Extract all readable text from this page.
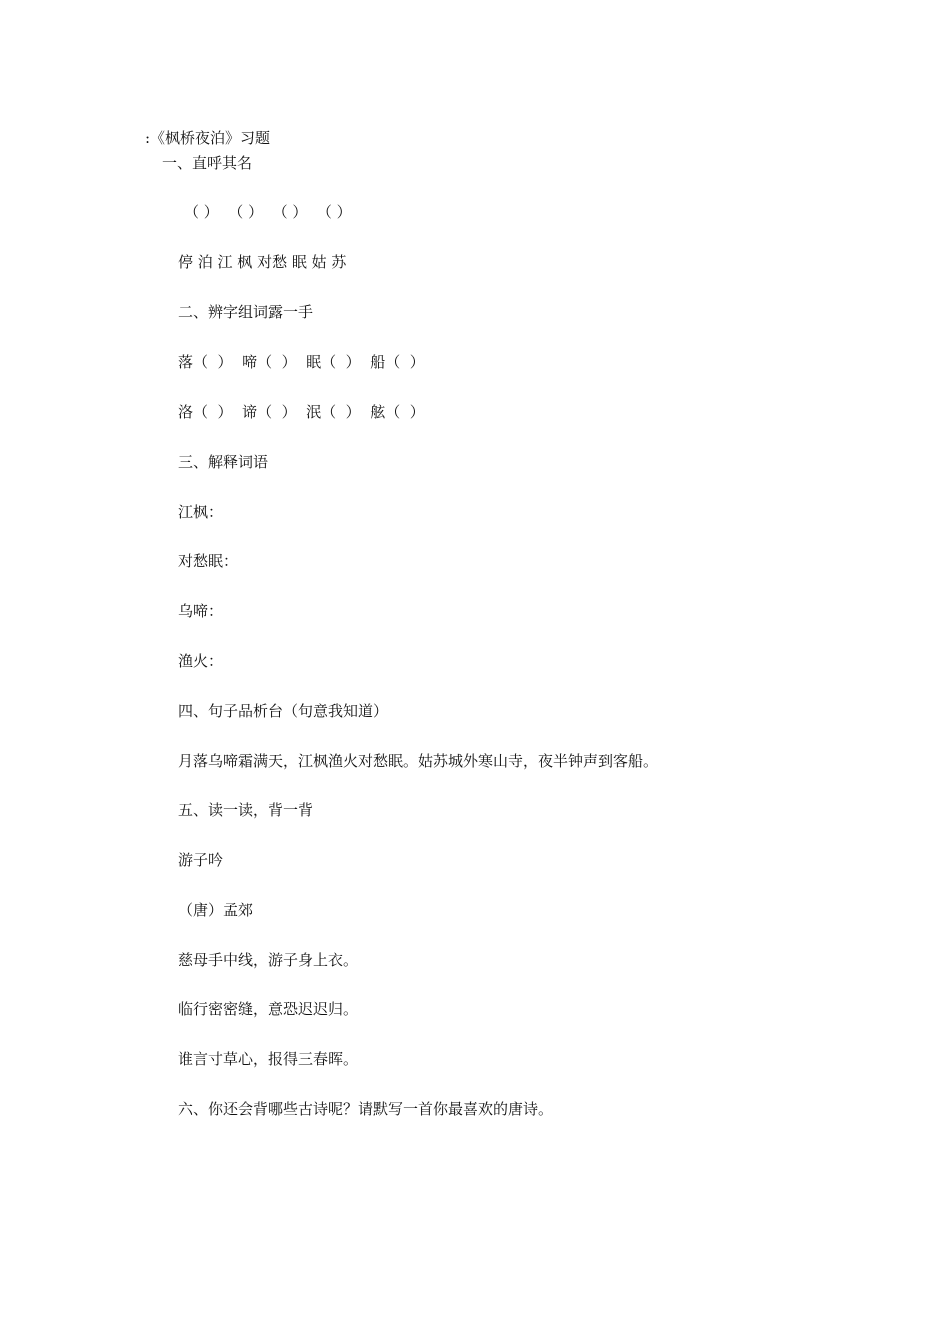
:《枫桥夜泊》习题
一、直呼其名
（ ）  （ ）  （ ）  （ ）
停 泊 江 枫 对愁 眠 姑 苏
二、辨字组词露一手
落（  ）  啼（  ）  眠（  ）  船（  ）
洛（  ）  谛（  ）  泯（  ）  舷（  ）
三、解释词语
江枫：
对愁眠：
乌啼：
渔火：
四、句子品析台（句意我知道）
月落乌啼霜满天，江枫渔火对愁眠。姑苏城外寒山寺，夜半钟声到客船。
五、读一读，背一背
游子吟
（唐）孟郊
慈母手中线，游子身上衣。
临行密密缝，意恐迟迟归。
谁言寸草心，报得三春晖。
六、你还会背哪些古诗呢？请默写一首你最喜欢的唐诗。
